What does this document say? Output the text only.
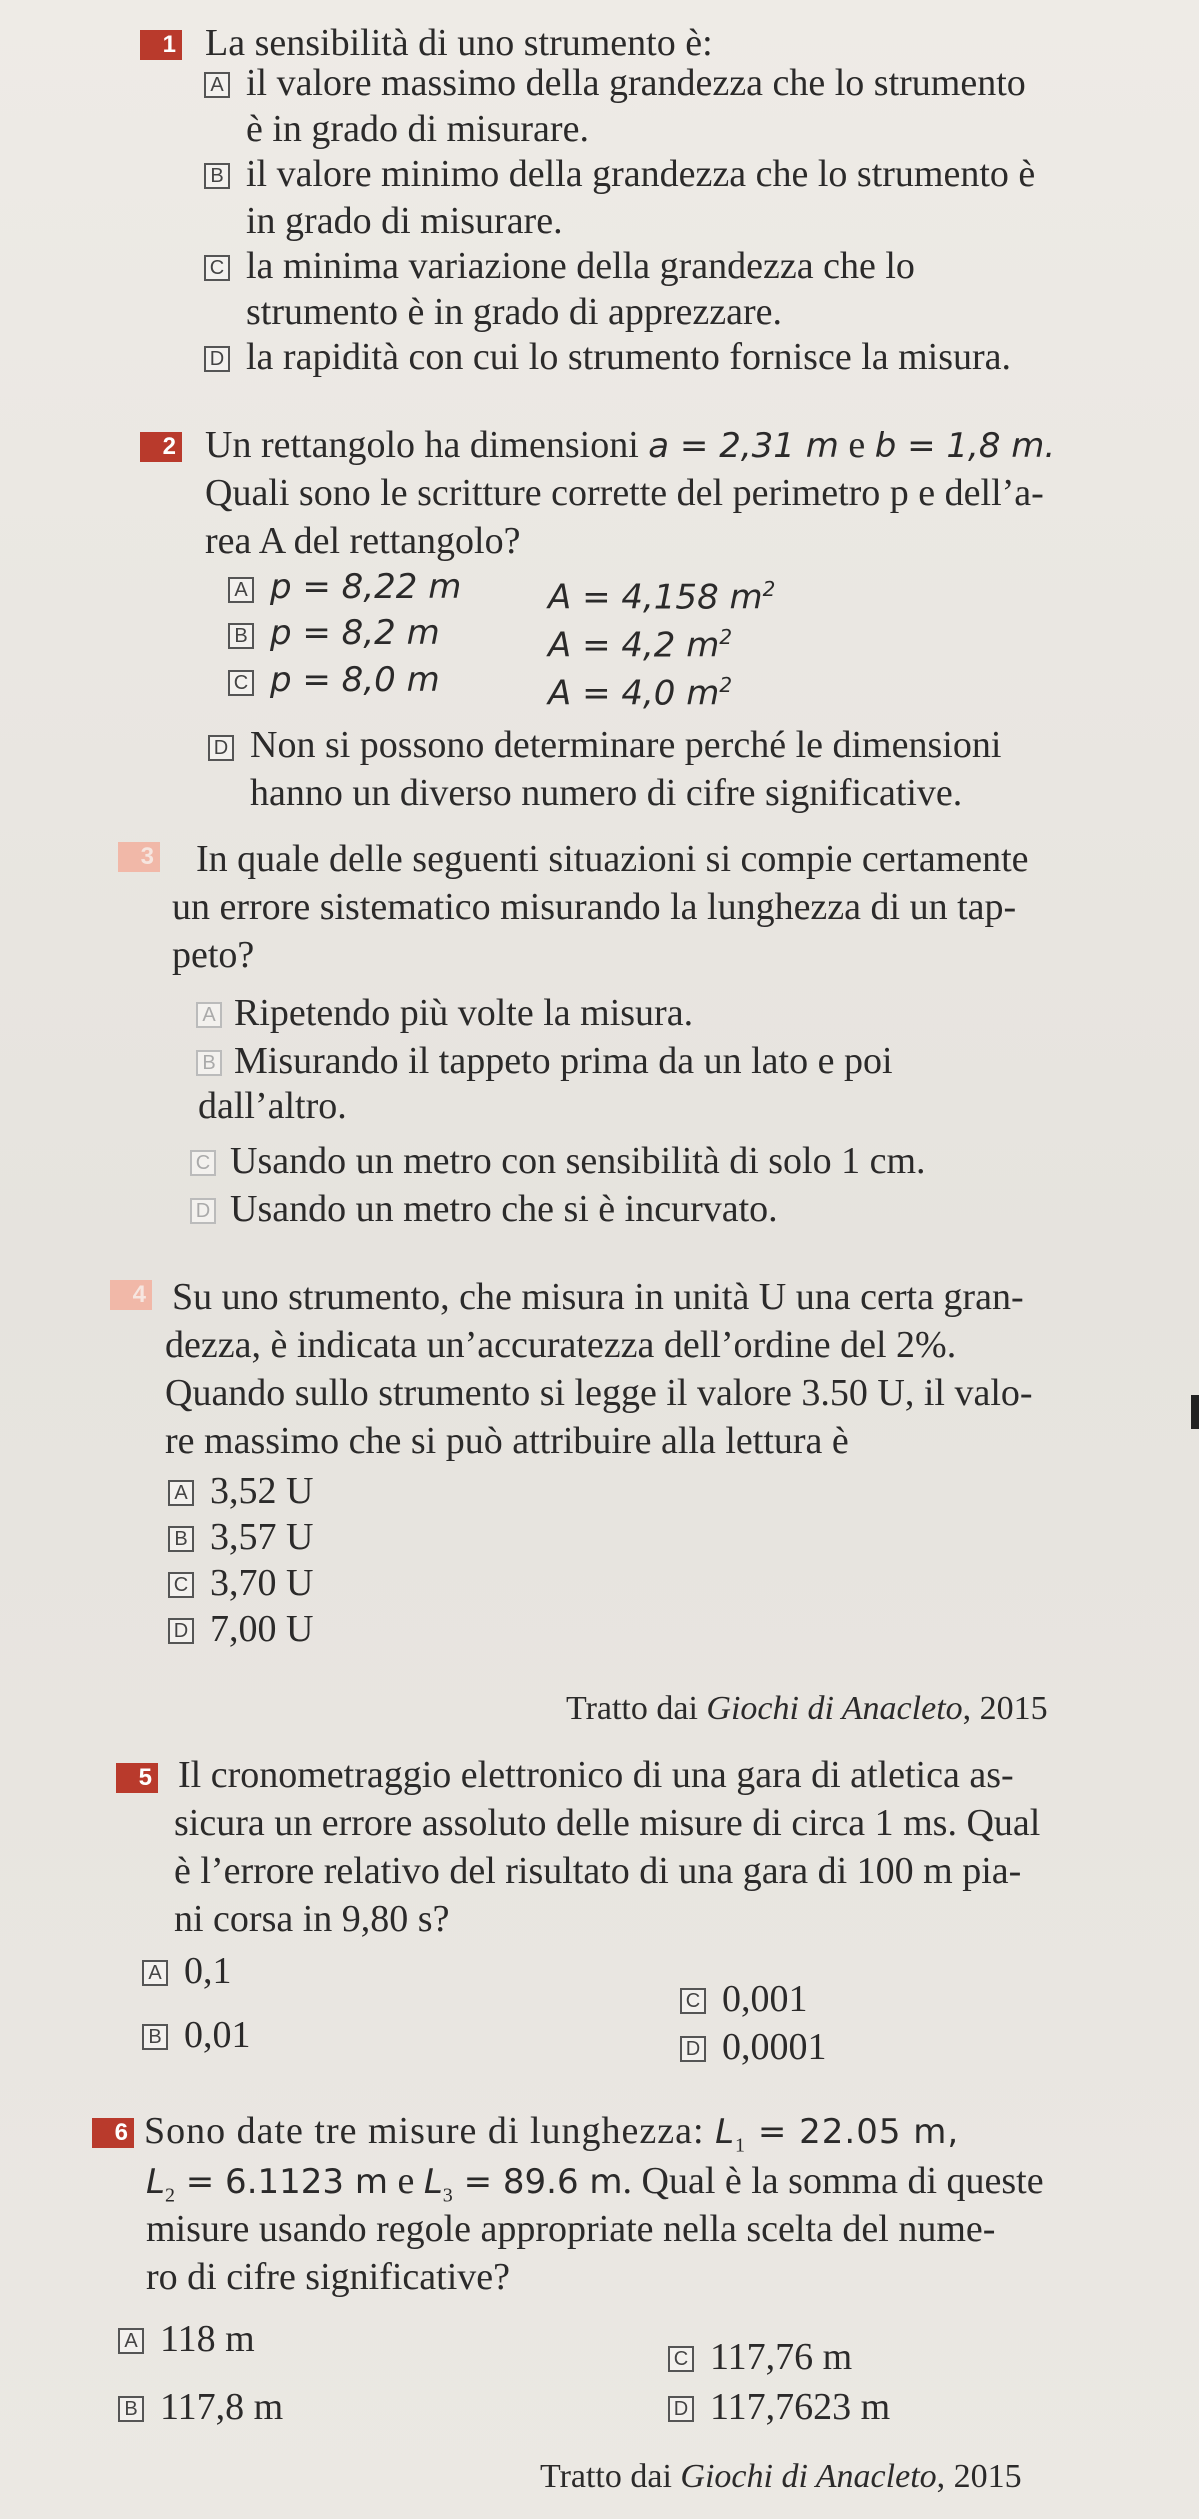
1 La sensibilità di uno strumento è:
A il valore massimo della grandezza che lo strumento
è in grado di misurare.
B il valore minimo della grandezza che lo strumento è
in grado di misurare.
C la minima variazione della grandezza che lo
strumento è in grado di apprezzare.
D la rapidità con cui lo strumento fornisce la misura.
2 Un rettangolo ha dimensioni a = 2,31 m e b = 1,8 m.
Quali sono le scritture corrette del perimetro p e dell’a-
rea A del rettangolo?
A p = 8,22 m	A = 4,158 $m^2$
B p = 8,2 m	A = 4,2 $m^2$
C p = 8,0 m	A = 4,0 $m^2$
D Non si possono determinare perché le dimensioni
hanno un diverso numero di cifre significative.
3 In quale delle seguenti situazioni si compie certamente
un errore sistematico misurando la lunghezza di un tap-
peto?
A Ripetendo più volte la misura.
B Misurando il tappeto prima da un lato e poi
dall’altro.
C Usando un metro con sensibilità di solo 1 cm.
D Usando un metro che si è incurvato.
4 Su uno strumento, che misura in unità U una certa gran-
dezza, è indicata un’accuratezza dell’ordine del 2%.
Quando sullo strumento si legge il valore 3.50 U, il valo-
re massimo che si può attribuire alla lettura è
A 3,52 U
B 3,57 U
C 3,70 U
D 7,00 U
Tratto dai Giochi di Anacleto, 2015
5 Il cronometraggio elettronico di una gara di atletica as-
sicura un errore assoluto delle misure di circa 1 ms. Qual
è l’errore relativo del risultato di una gara di 100 m pia-
ni corsa in 9,80 s?
A 0,1
B 0,01
C 0,001
D 0,0001
6 Sono date tre misure di lunghezza: $L_1 = 22.05$ m,
$L_2 = 6.1123$ m e $L_3 = 89.6$ m. Qual è la somma di queste
misure usando regole appropriate nella scelta del nume-
ro di cifre significative?
A 118 m
B 117,8 m
C 117,76 m
D 117,7623 m
Tratto dai Giochi di Anacleto, 2015
